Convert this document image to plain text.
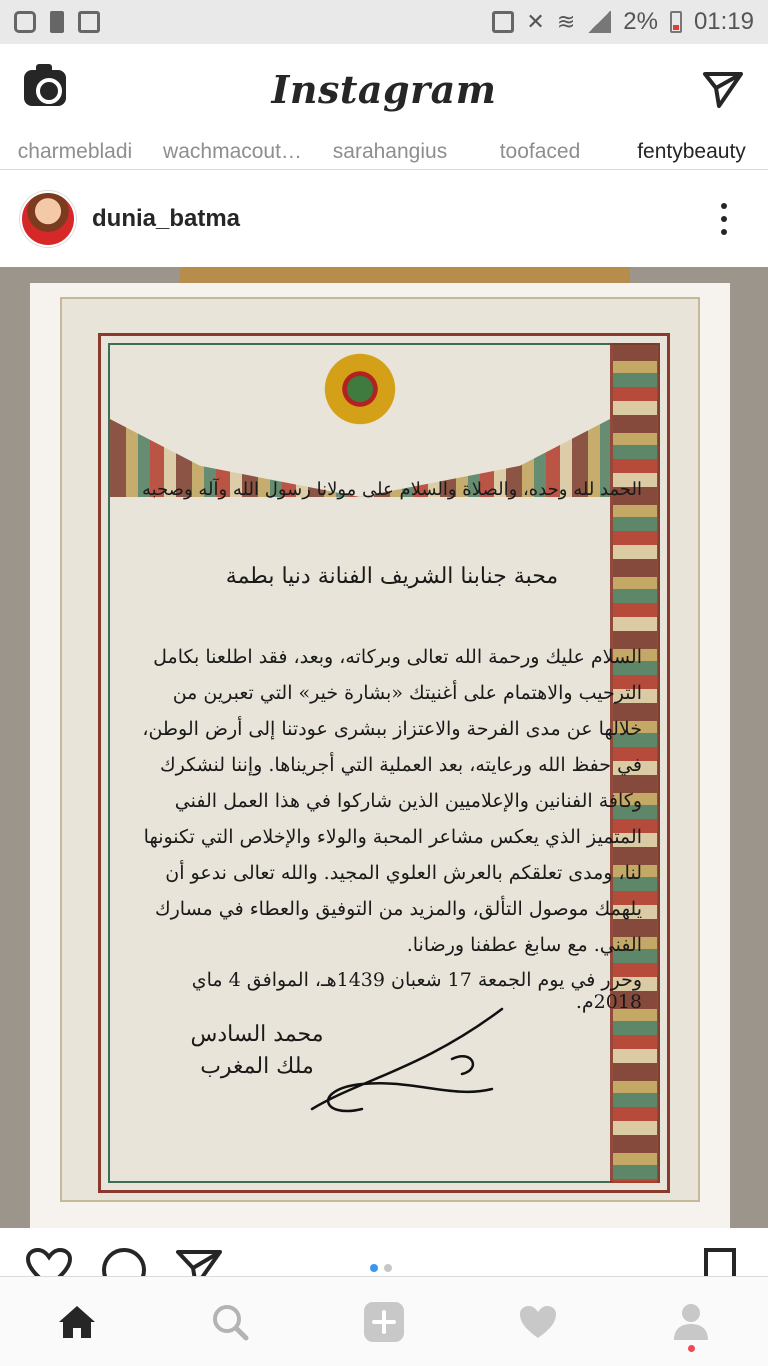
✕ ≋ 2% 01:19
Instagram
charmebladi	wachmacout…	sarahangius	toofaced	fentybeauty
dunia_batma
الحمد لله وحده، والصلاة والسلام على مولانا رسول الله وآله وصحبه
محبة جنابنا الشريف الفنانة دنيا بطمة
السلام عليك ورحمة الله تعالى وبركاته، وبعد، فقد اطلعنا بكامل الترحيب والاهتمام على أغنيتك «بشارة خير» التي تعبرين من خلالها عن مدى الفرحة والاعتزاز ببشرى عودتنا إلى أرض الوطن، في حفظ الله ورعايته، بعد العملية التي أجريناها. وإننا لنشكرك وكافة الفنانين والإعلاميين الذين شاركوا في هذا العمل الفني المتميز الذي يعكس مشاعر المحبة والولاء والإخلاص التي تكنونها لنا، ومدى تعلقكم بالعرش العلوي المجيد. والله تعالى ندعو أن يلهمك موصول التألق، والمزيد من التوفيق والعطاء في مسارك الفني. مع سابغ عطفنا ورضانا.
وحرر في يوم الجمعة 17 شعبان 1439هـ، الموافق 4 ماي 2018م.
محمد السادس ملك المغرب
